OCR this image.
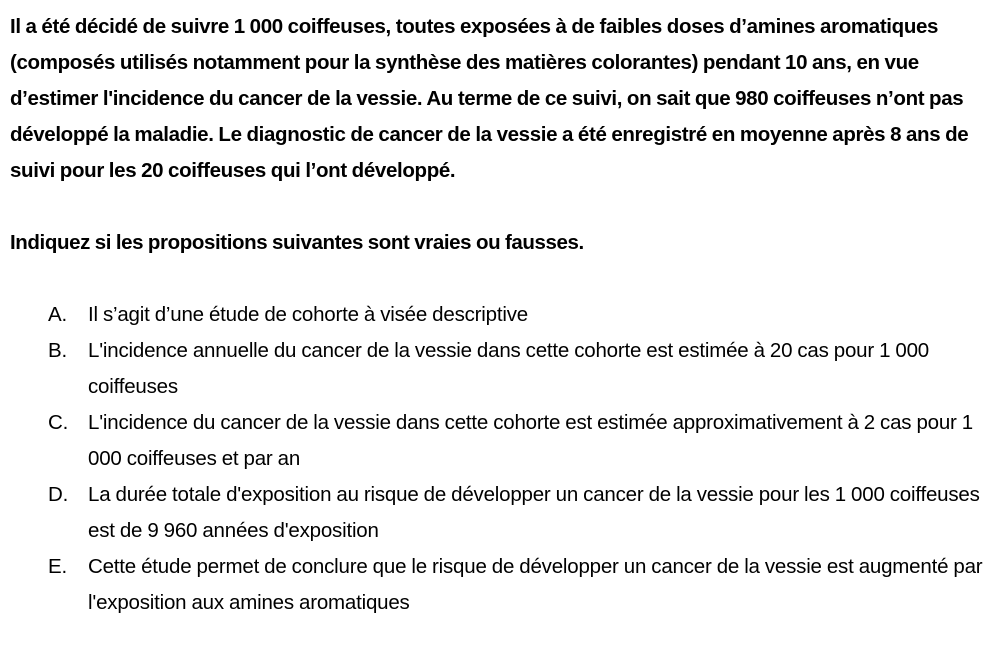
Il a été décidé de suivre 1 000 coiffeuses, toutes exposées à de faibles doses d’amines aromatiques (composés utilisés notamment pour la synthèse des matières colorantes) pendant 10 ans, en vue d’estimer l'incidence du cancer de la vessie. Au terme de ce suivi, on sait que 980 coiffeuses n’ont pas développé la maladie. Le diagnostic de cancer de la vessie a été enregistré en moyenne après 8 ans de suivi pour les 20 coiffeuses qui l’ont développé.

Indiquez si les propositions suivantes sont vraies ou fausses.

A. Il s’agit d’une étude de cohorte à visée descriptive
B. L'incidence annuelle du cancer de la vessie dans cette cohorte est estimée à 20 cas pour 1 000 coiffeuses
C. L'incidence du cancer de la vessie dans cette cohorte est estimée approximativement à 2 cas pour 1 000 coiffeuses et par an
D. La durée totale d'exposition au risque de développer un cancer de la vessie pour les 1 000 coiffeuses est de 9 960 années d'exposition
E. Cette étude permet de conclure que le risque de développer un cancer de la vessie est augmenté par l'exposition aux amines aromatiques
